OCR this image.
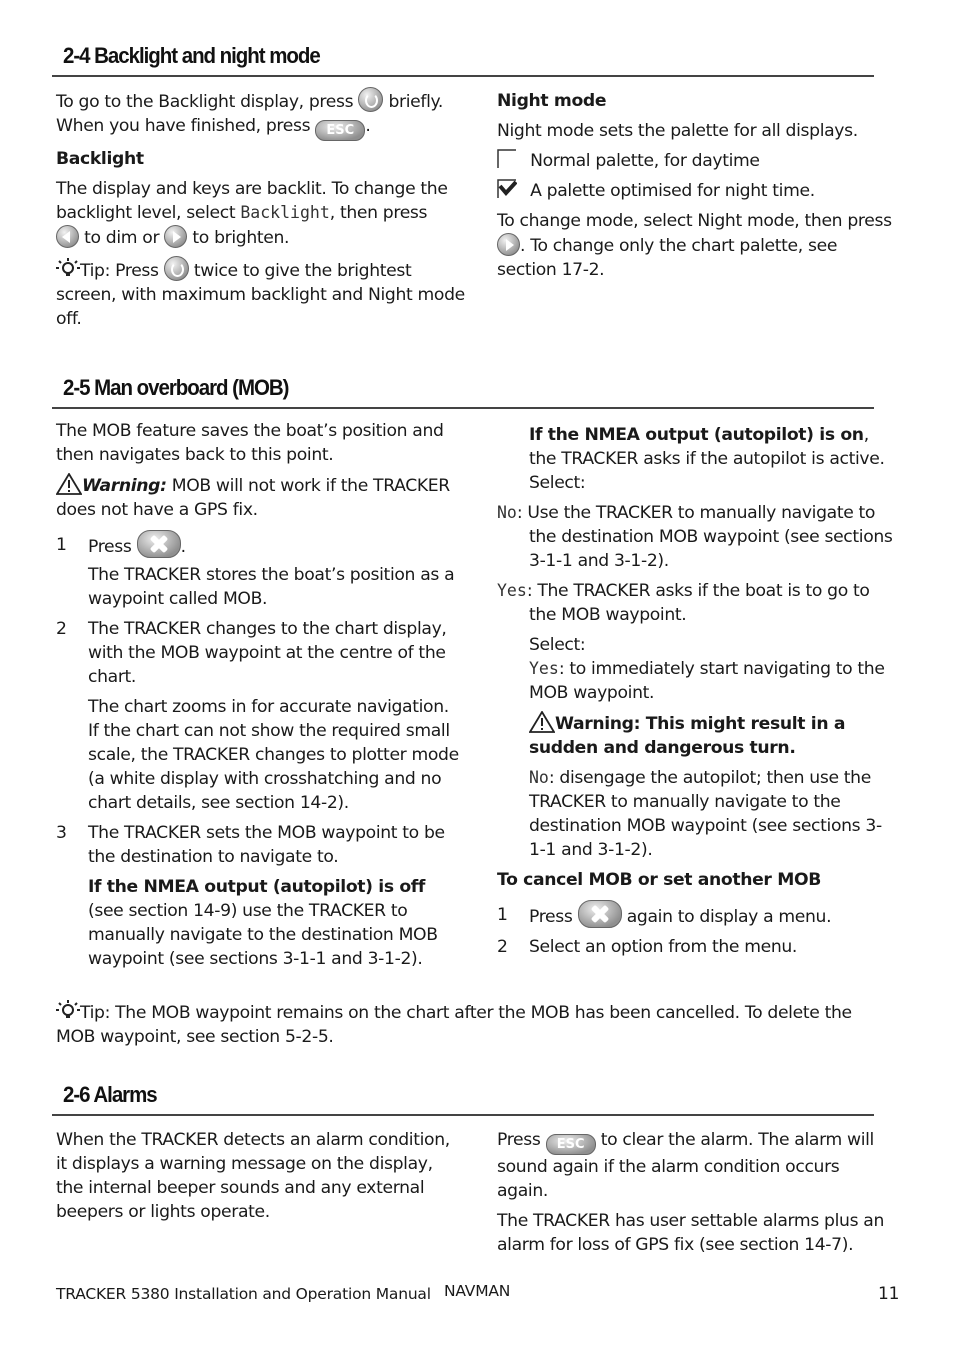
2-4 Backlight and night mode

To go to the Backlight display, press briefly.
When you have finished, press ESC .

Backlight

The display and keys are backlit. To change the backlight level, select Backlight, then press
to dim or to brighten.

Tip: Press twice to give the brightest screen, with maximum backlight and Night mode off.

Night mode

Night mode sets the palette for all displays.

Normal palette, for daytime

A palette optimised for night time.

To change mode, select Night mode, then press . To change only the chart palette, see section 17-2.

2-5 Man overboard (MOB)

The MOB feature saves the boat’s position and then navigates back to this point.

Warning: MOB will not work if the TRACKER does not have a GPS fix.

1 Press	.

The TRACKER stores the boat’s position as a waypoint called MOB.

2 The TRACKER changes to the chart display, with the MOB waypoint at the centre of the chart.

The chart zooms in for accurate navigation. If the chart can not show the required small scale, the TRACKER changes to plotter mode (a white display with crosshatching and no chart details, see section 14-2).

3 The TRACKER sets the MOB waypoint to be the destination to navigate to.

If the NMEA output (autopilot) is off (see section 14-9) use the TRACKER to manually navigate to the destination MOB waypoint (see sections 3-1-1 and 3-1-2).

If the NMEA output (autopilot) is on, the TRACKER asks if the autopilot is active. Select:

No: Use the TRACKER to manually navigate to the destination MOB waypoint (see sections 3-1-1 and 3-1-2).

Yes: The TRACKER asks if the boat is to go to the MOB waypoint.

Select:

Yes: to immediately start navigating to the MOB waypoint.

Warning: This might result in a sudden and dangerous turn.

No: disengage the autopilot; then use the TRACKER to manually navigate to the destination MOB waypoint (see sections 3-1-1 and 3-1-2).

To cancel MOB or set another MOB

1 Press	again to display a menu.

2 Select an option from the menu.

Tip: The MOB waypoint remains on the chart after the MOB has been cancelled. To delete the MOB waypoint, see section 5-2-5.

2-6 Alarms

When the TRACKER detects an alarm condition, it displays a warning message on the display, the internal beeper sounds and any external beepers or lights operate.

Press ESC to clear the alarm. The alarm will sound again if the alarm condition occurs again.

The TRACKER has user settable alarms plus an alarm for loss of GPS fix (see section 14-7).

TRACKER 5380 Installation and Operation Manual NAVMAN	11
